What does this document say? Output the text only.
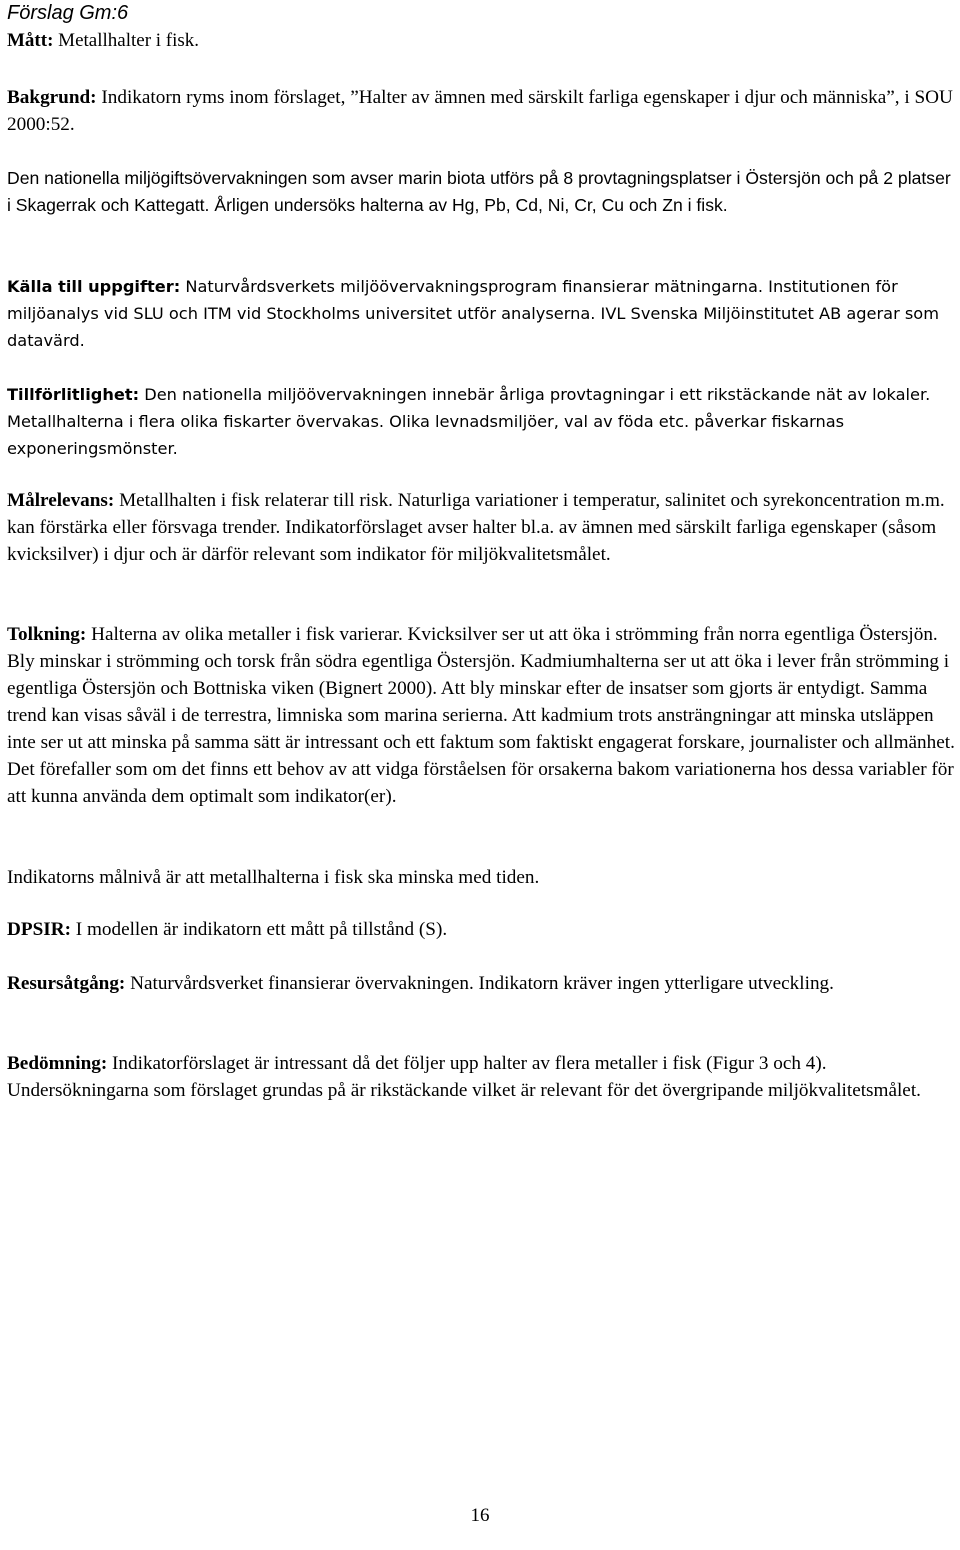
Förslag Gm:6
Mått: Metallhalter i fisk.

Bakgrund: Indikatorn ryms inom förslaget, ”Halter av ämnen med särskilt farliga egenskaper i djur och människa”, i SOU 2000:52.

Den nationella miljögiftsövervakningen som avser marin biota utförs på 8 provtagningsplatser i Östersjön och på 2 platser i Skagerrak och Kattegatt. Årligen undersöks halterna av Hg, Pb, Cd, Ni, Cr, Cu och Zn i fisk.

Källa till uppgifter: Naturvårdsverkets miljöövervakningsprogram finansierar mätningarna. Institutionen för miljöanalys vid SLU och ITM vid Stockholms universitet utför analyserna. IVL Svenska Miljöinstitutet AB agerar som datavärd.

Tillförlitlighet: Den nationella miljöövervakningen innebär årliga provtagningar i ett rikstäckande nät av lokaler. Metallhalterna i flera olika fiskarter övervakas. Olika levnadsmiljöer, val av föda etc. påverkar fiskarnas exponeringsmönster.

Målrelevans: Metallhalten i fisk relaterar till risk. Naturliga variationer i temperatur, salinitet och syrekoncentration m.m. kan förstärka eller försvaga trender. Indikatorförslaget avser halter bl.a. av ämnen med särskilt farliga egenskaper (såsom kvicksilver) i djur och är därför relevant som indikator för miljökvalitetsmålet.

Tolkning: Halterna av olika metaller i fisk varierar. Kvicksilver ser ut att öka i strömming från norra egentliga Östersjön. Bly minskar i strömming och torsk från södra egentliga Östersjön. Kadmiumhalterna ser ut att öka i lever från strömming i egentliga Östersjön och Bottniska viken (Bignert 2000). Att bly minskar efter de insatser som gjorts är entydigt. Samma trend kan visas såväl i de terrestra, limniska som marina serierna. Att kadmium trots ansträngningar att minska utsläppen inte ser ut att minska på samma sätt är intressant och ett faktum som faktiskt engagerat forskare, journalister och allmänhet. Det förefaller som om det finns ett behov av att vidga förståelsen för orsakerna bakom variationerna hos dessa variabler för att kunna använda dem optimalt som indikator(er).

Indikatorns målnivå är att metallhalterna i fisk ska minska med tiden.

DPSIR: I modellen är indikatorn ett mått på tillstånd (S).

Resursåtgång: Naturvårdsverket finansierar övervakningen. Indikatorn kräver ingen ytterligare utveckling.

Bedömning: Indikatorförslaget är intressant då det följer upp halter av flera metaller i fisk (Figur 3 och 4). Undersökningarna som förslaget grundas på är rikstäckande vilket är relevant för det övergripande miljökvalitetsmålet.

16
